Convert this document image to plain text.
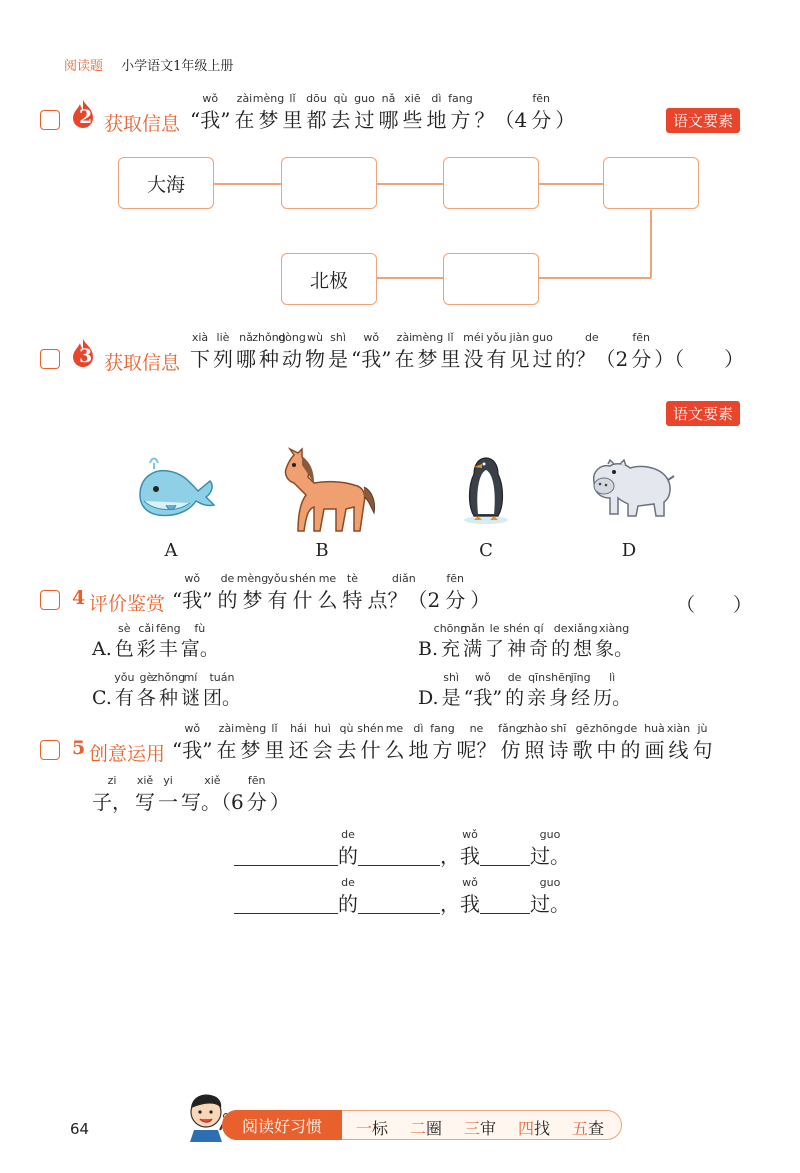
阅读题 小学语文1年级上册
2 获取信息
wǒ
“我”
zài
在
mèng
梦
lǐ
里
dōu
都
qù
去
guo
过
nǎ
哪
xiē
些
dì
地
fang
方 ？（4
fēn
分 ）	语文要素
大海
北极
3 获取信息
xià
下
liè
列
nǎ
哪
zhǒng
种
dòng
动
wù
物
shì
是
wǒ
“我”
zài
在
mèng
梦
lǐ
里
méi
没
yǒu
有
jiàn
见
guo
过
de
的？（2
fēn
分 ）（　　）
语文要素
A	B	C	D
4 评价鉴赏
wǒ
“我”
de
的
mèng
梦
yǒu
有
shén
什
me
么
tè
特
diǎn
点？（2
fēn
分 ）	（　　）
A.
sè
色
cǎi
彩
fēng
丰
fù
富。	B.
chōng
充
mǎn
满
le
了
shén
神
qí
奇
de
的
xiǎng
想
xiàng
象。
C.
yǒu
有
gè
各
zhǒng
种
mí
谜
tuán
团。	D.
shì
是
wǒ
“我”
de
的
qīn
亲
shēn
身
jīng
经
lì
历。
5 创意运用
wǒ
“我”
zài
在
mèng
梦
lǐ
里
hái
还
huì
会
qù
去
shén
什
me
么
dì
地
fang
方
ne
呢？
fǎng
仿
zhào
照
shī
诗
gē
歌
zhōng
中
de
的
huà
画
xiàn
线
jù
句
zi
子，
xiě
写
yi
一
xiě
写。（6
fēn
分 ）
de
的	，
wǒ
我
guo
过。
de
的	，
wǒ
我
guo
过。
64	阅读好习惯	一标 二圈 三审 四找 五查
